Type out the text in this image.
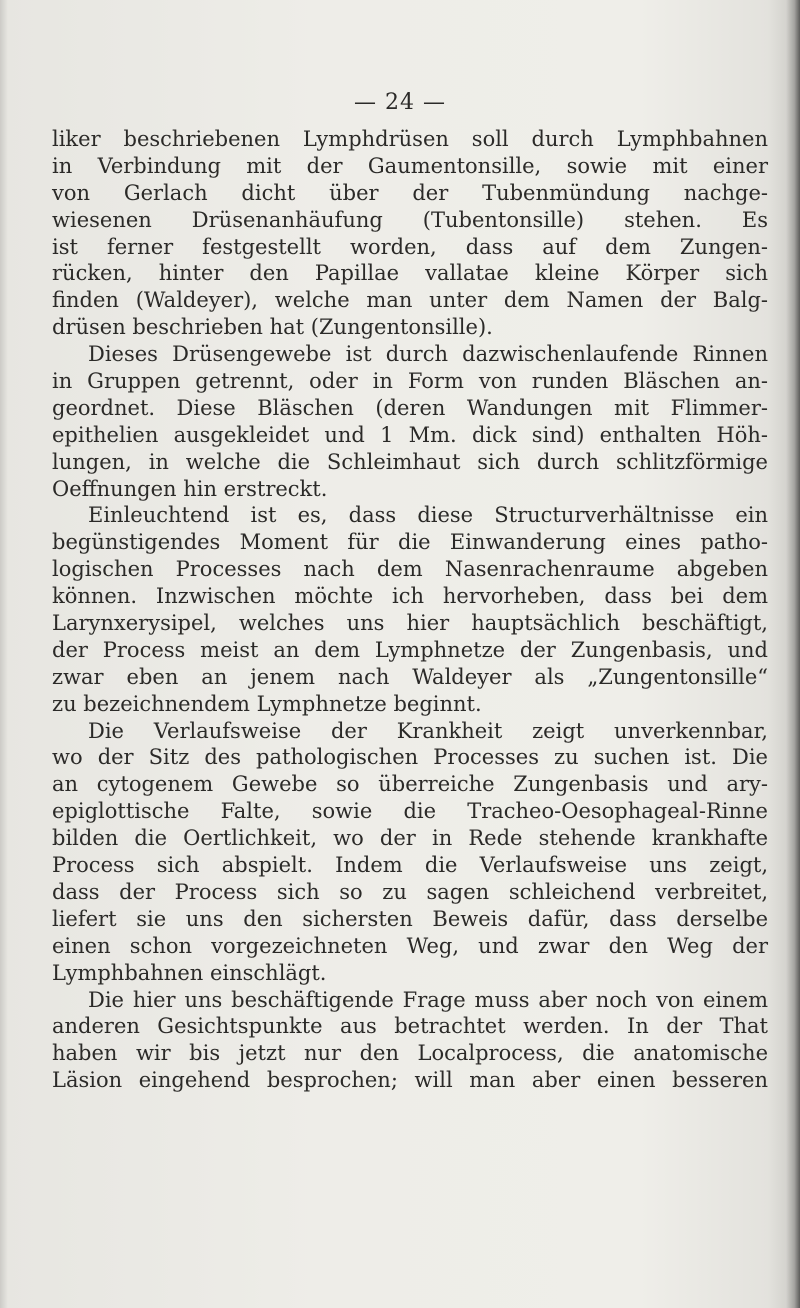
— 24 —
liker beschriebenen Lymphdrüsen soll durch Lymphbahnen
in Verbindung mit der Gaumentonsille, sowie mit einer
von Gerlach dicht über der Tubenmündung nachge-
wiesenen Drüsenanhäufung (Tubentonsille) stehen. Es
ist ferner festgestellt worden, dass auf dem Zungen-
rücken, hinter den Papillae vallatae kleine Körper sich
finden (Waldeyer), welche man unter dem Namen der Balg-
drüsen beschrieben hat (Zungentonsille).
Dieses Drüsengewebe ist durch dazwischenlaufende Rinnen
in Gruppen getrennt, oder in Form von runden Bläschen an-
geordnet. Diese Bläschen (deren Wandungen mit Flimmer-
epithelien ausgekleidet und 1 Mm. dick sind) enthalten Höh-
lungen, in welche die Schleimhaut sich durch schlitzförmige
Oeffnungen hin erstreckt.
Einleuchtend ist es, dass diese Structurverhältnisse ein
begünstigendes Moment für die Einwanderung eines patho-
logischen Processes nach dem Nasenrachenraume abgeben
können. Inzwischen möchte ich hervorheben, dass bei dem
Larynxerysipel, welches uns hier hauptsächlich beschäftigt,
der Process meist an dem Lymphnetze der Zungenbasis, und
zwar eben an jenem nach Waldeyer als „Zungentonsille“
zu bezeichnendem Lymphnetze beginnt.
Die Verlaufsweise der Krankheit zeigt unverkennbar,
wo der Sitz des pathologischen Processes zu suchen ist. Die
an cytogenem Gewebe so überreiche Zungenbasis und ary-
epiglottische Falte, sowie die Tracheo-Oesophageal-Rinne
bilden die Oertlichkeit, wo der in Rede stehende krankhafte
Process sich abspielt. Indem die Verlaufsweise uns zeigt,
dass der Process sich so zu sagen schleichend verbreitet,
liefert sie uns den sichersten Beweis dafür, dass derselbe
einen schon vorgezeichneten Weg, und zwar den Weg der
Lymphbahnen einschlägt.
Die hier uns beschäftigende Frage muss aber noch von einem
anderen Gesichtspunkte aus betrachtet werden. In der That
haben wir bis jetzt nur den Localprocess, die anatomische
Läsion eingehend besprochen; will man aber einen besseren
